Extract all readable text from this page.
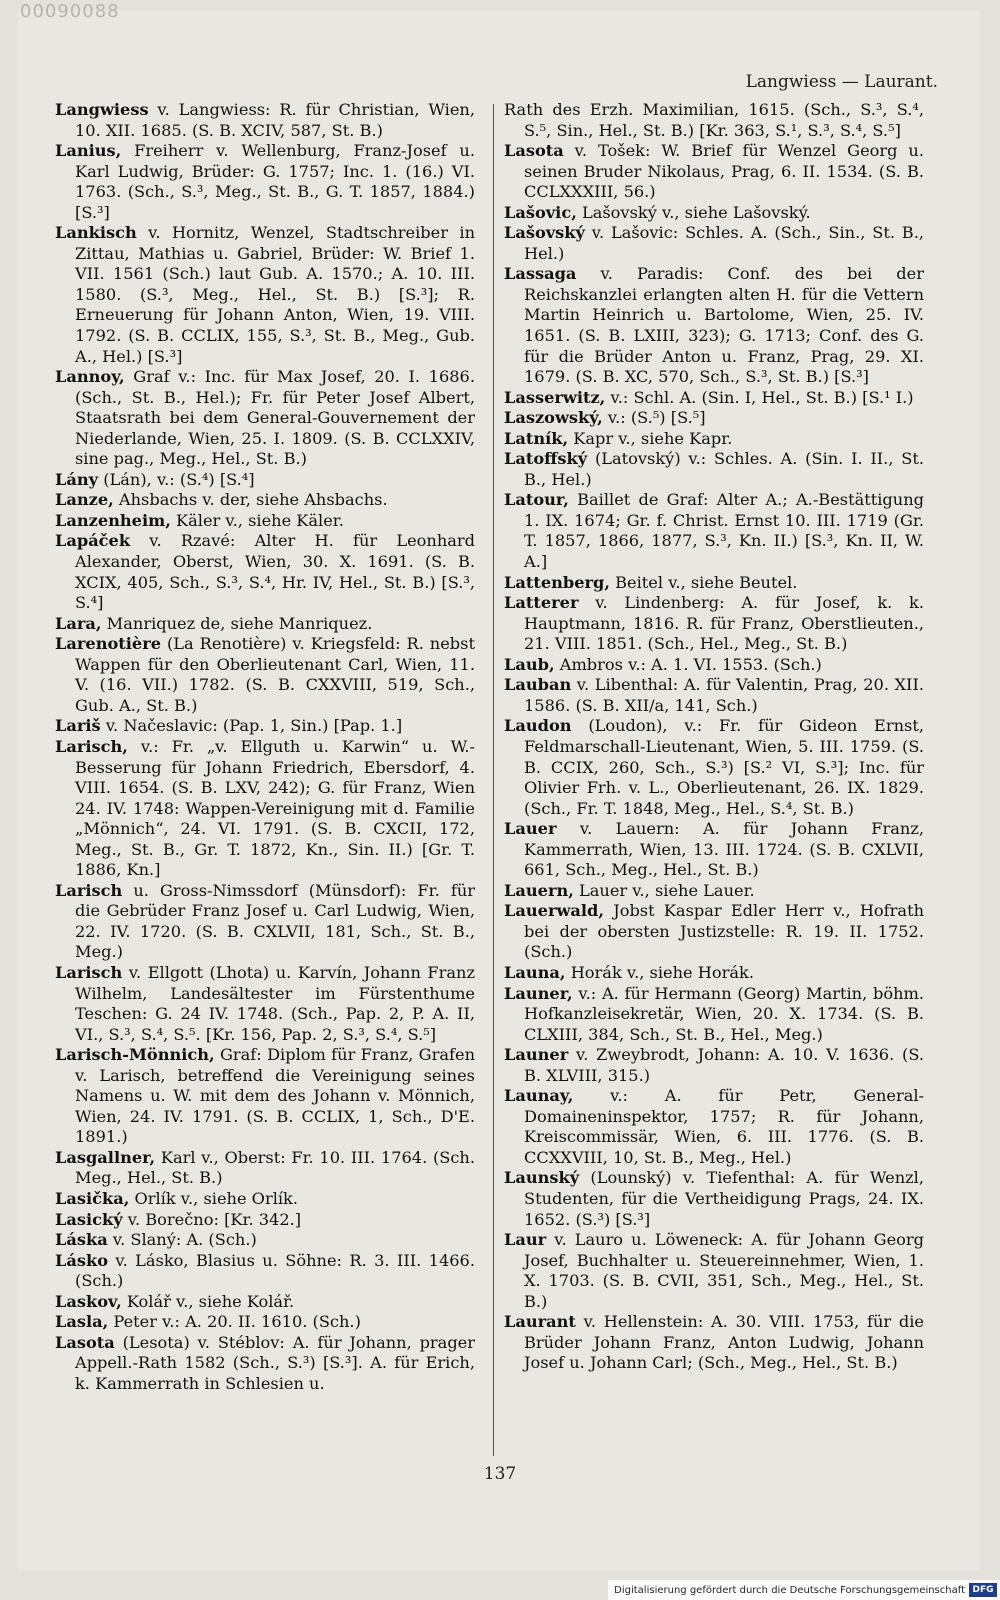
00090088
Langwiess — Laurant.

Langwiess v. Langwiess: R. für Christian, Wien, 10. XII. 1685. (S. B. XCIV, 587, St. B.)

Lanius, Freiherr v. Wellenburg, Franz-Josef u. Karl Ludwig, Brüder: G. 1757; Inc. 1. (16.) VI. 1763. (Sch., S.³, Meg., St. B., G. T. 1857, 1884.) [S.³]

Lankisch v. Hornitz, Wenzel, Stadtschreiber in Zittau, Mathias u. Gabriel, Brüder: W. Brief 1. VII. 1561 (Sch.) laut Gub. A. 1570.; A. 10. III. 1580. (S.³, Meg., Hel., St. B.) [S.³]; R. Erneuerung für Johann Anton, Wien, 19. VIII. 1792. (S. B. CCLIX, 155, S.³, St. B., Meg., Gub. A., Hel.) [S.³]

Lannoy, Graf v.: Inc. für Max Josef, 20. I. 1686. (Sch., St. B., Hel.); Fr. für Peter Josef Albert, Staatsrath bei dem General-Gouvernement der Niederlande, Wien, 25. I. 1809. (S. B. CCLXXIV, sine pag., Meg., Hel., St. B.)

Lány (Lán), v.: (S.⁴) [S.⁴]

Lanze, Ahsbachs v. der, siehe Ahsbachs.

Lanzenheim, Käler v., siehe Käler.

Lapáček v. Rzavé: Alter H. für Leonhard Alexander, Oberst, Wien, 30. X. 1691. (S. B. XCIX, 405, Sch., S.³, S.⁴, Hr. IV, Hel., St. B.) [S.³, S.⁴]

Lara, Manriquez de, siehe Manriquez.

Larenotière (La Renotière) v. Kriegsfeld: R. nebst Wappen für den Oberlieutenant Carl, Wien, 11. V. (16. VII.) 1782. (S. B. CXXVIII, 519, Sch., Gub. A., St. B.)

Lariš v. Načeslavic: (Pap. 1, Sin.) [Pap. 1.]

Larisch, v.: Fr. „v. Ellguth u. Karwin“ u. W.-Besserung für Johann Friedrich, Ebersdorf, 4. VIII. 1654. (S. B. LXV, 242); G. für Franz, Wien 24. IV. 1748: Wappen-Vereinigung mit d. Familie „Mönnich“, 24. VI. 1791. (S. B. CXCII, 172, Meg., St. B., Gr. T. 1872, Kn., Sin. II.) [Gr. T. 1886, Kn.]

Larisch u. Gross-Nimssdorf (Münsdorf): Fr. für die Gebrüder Franz Josef u. Carl Ludwig, Wien, 22. IV. 1720. (S. B. CXLVII, 181, Sch., St. B., Meg.)

Larisch v. Ellgott (Lhota) u. Karvín, Johann Franz Wilhelm, Landesältester im Fürstenthume Teschen: G. 24 IV. 1748. (Sch., Pap. 2, P. A. II, VI., S.³, S.⁴, S.⁵. [Kr. 156, Pap. 2, S.³, S.⁴, S.⁵]

Larisch-Mönnich, Graf: Diplom für Franz, Grafen v. Larisch, betreffend die Vereinigung seines Namens u. W. mit dem des Johann v. Mönnich, Wien, 24. IV. 1791. (S. B. CCLIX, 1, Sch., D'E. 1891.)

Lasgallner, Karl v., Oberst: Fr. 10. III. 1764. (Sch. Meg., Hel., St. B.)

Lasička, Orlík v., siehe Orlík.

Lasický v. Borečno: [Kr. 342.]

Láska v. Slaný: A. (Sch.)

Lásko v. Lásko, Blasius u. Söhne: R. 3. III. 1466. (Sch.)

Laskov, Kolář v., siehe Kolář.

Lasla, Peter v.: A. 20. II. 1610. (Sch.)

Lasota (Lesota) v. Stéblov: A. für Johann, prager Appell.-Rath 1582 (Sch., S.³) [S.³]. A. für Erich, k. Kammerrath in Schlesien u.

Rath des Erzh. Maximilian, 1615. (Sch., S.³, S.⁴, S.⁵, Sin., Hel., St. B.) [Kr. 363, S.¹, S.³, S.⁴, S.⁵]

Lasota v. Tošek: W. Brief für Wenzel Georg u. seinen Bruder Nikolaus, Prag, 6. II. 1534. (S. B. CCLXXXIII, 56.)

Lašovic, Lašovský v., siehe Lašovský.

Lašovský v. Lašovic: Schles. A. (Sch., Sin., St. B., Hel.)

Lassaga v. Paradis: Conf. des bei der Reichskanzlei erlangten alten H. für die Vettern Martin Heinrich u. Bartolome, Wien, 25. IV. 1651. (S. B. LXIII, 323); G. 1713; Conf. des G. für die Brüder Anton u. Franz, Prag, 29. XI. 1679. (S. B. XC, 570, Sch., S.³, St. B.) [S.³]

Lasserwitz, v.: Schl. A. (Sin. I, Hel., St. B.) [S.¹ I.)

Laszowský, v.: (S.⁵) [S.⁵]

Latník, Kapr v., siehe Kapr.

Latoffský (Latovský) v.: Schles. A. (Sin. I. II., St. B., Hel.)

Latour, Baillet de Graf: Alter A.; A.-Bestättigung 1. IX. 1674; Gr. f. Christ. Ernst 10. III. 1719 (Gr. T. 1857, 1866, 1877, S.³, Kn. II.) [S.³, Kn. II, W. A.]

Lattenberg, Beitel v., siehe Beutel.

Latterer v. Lindenberg: A. für Josef, k. k. Hauptmann, 1816. R. für Franz, Oberstlieuten., 21. VIII. 1851. (Sch., Hel., Meg., St. B.)

Laub, Ambros v.: A. 1. VI. 1553. (Sch.)

Lauban v. Libenthal: A. für Valentin, Prag, 20. XII. 1586. (S. B. XII/a, 141, Sch.)

Laudon (Loudon), v.: Fr. für Gideon Ernst, Feldmarschall-Lieutenant, Wien, 5. III. 1759. (S. B. CCIX, 260, Sch., S.³) [S.² VI, S.³]; Inc. für Olivier Frh. v. L., Oberlieutenant, 26. IX. 1829. (Sch., Fr. T. 1848, Meg., Hel., S.⁴, St. B.)

Lauer v. Lauern: A. für Johann Franz, Kammerrath, Wien, 13. III. 1724. (S. B. CXLVII, 661, Sch., Meg., Hel., St. B.)

Lauern, Lauer v., siehe Lauer.

Lauerwald, Jobst Kaspar Edler Herr v., Hofrath bei der obersten Justizstelle: R. 19. II. 1752. (Sch.)

Launa, Horák v., siehe Horák.

Launer, v.: A. für Hermann (Georg) Martin, böhm. Hofkanzleisekretär, Wien, 20. X. 1734. (S. B. CLXIII, 384, Sch., St. B., Hel., Meg.)

Launer v. Zweybrodt, Johann: A. 10. V. 1636. (S. B. XLVIII, 315.)

Launay, v.: A. für Petr, General-Domaineninspektor, 1757; R. für Johann, Kreiscommissär, Wien, 6. III. 1776. (S. B. CCXXVIII, 10, St. B., Meg., Hel.)

Launský (Lounský) v. Tiefenthal: A. für Wenzl, Studenten, für die Vertheidigung Prags, 24. IX. 1652. (S.³) [S.³]

Laur v. Lauro u. Löweneck: A. für Johann Georg Josef, Buchhalter u. Steuereinnehmer, Wien, 1. X. 1703. (S. B. CVII, 351, Sch., Meg., Hel., St. B.)

Laurant v. Hellenstein: A. 30. VIII. 1753, für die Brüder Johann Franz, Anton Ludwig, Johann Josef u. Johann Carl; (Sch., Meg., Hel., St. B.)

137
Digitalisierung gefördert durch die Deutsche Forschungsgemeinschaft DFG
